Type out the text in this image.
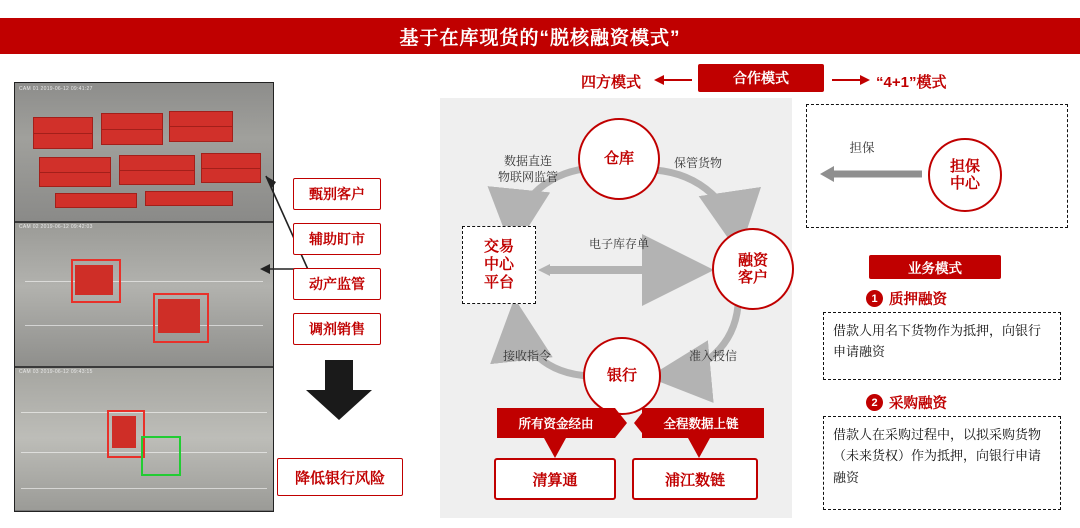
基于在库现货的“脱核融资模式”
CAM 01 2019-06-12 09:41:27
CAM 02 2019-06-12 09:42:03
CAM 03 2019-06-12 09:43:15
甄别客户
辅助盯市
动产监管
调剂销售
降低银行风险
四方模式	合作模式	“4+1”模式
仓库
交易
中心
平台
融资
客户
银行
数据直连
物联网监管
保管货物
电子库存单
接收指令	准入授信
所有资金经由	全程数据上链
清算通	浦江数链
担保
中心
担保
业务模式
1 质押融资
借款人用名下货物作为抵押，向银行申请融资
2 采购融资
借款人在采购过程中，以拟采购货物（未来货权）作为抵押，向银行申请融资
